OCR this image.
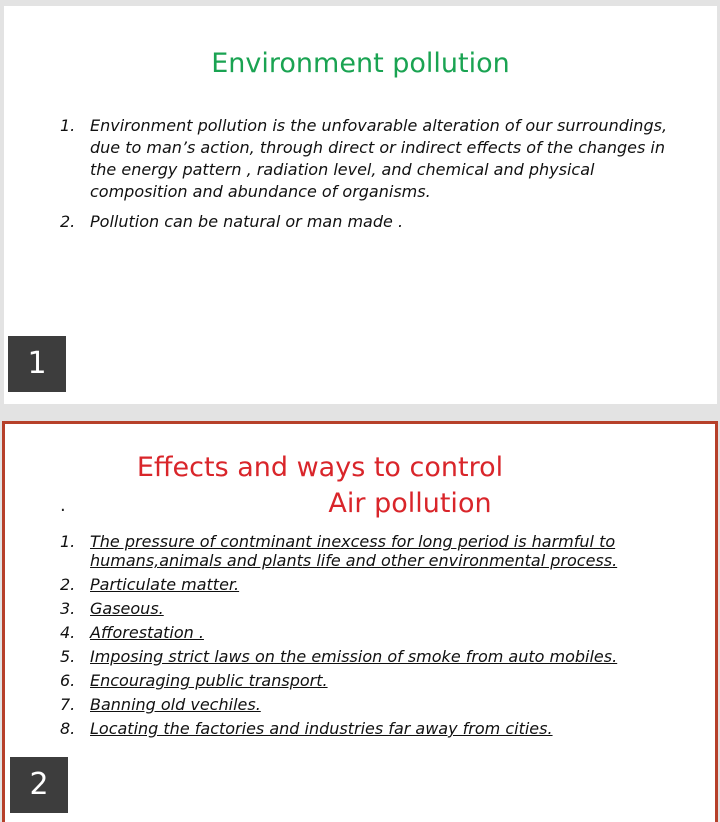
Environment pollution
1. Environment pollution is the unfovarable alteration of our surroundings, due to man’s action, through direct or indirect effects of the changes in the energy pattern , radiation level, and chemical and physical composition and abundance of organisms.
2. Pollution can be natural or man made .
Effects and ways to control
.	Air pollution
1. The pressure of contminant inexcess for long period is harmful to humans,animals and plants life and other environmental process.
2. Particulate matter.
3. Gaseous.
4. Afforestation .
5. Imposing strict laws on the emission of smoke from auto mobiles.
6. Encouraging public transport.
7. Banning old vechiles.
8. Locating the factories and industries far away from cities.
1
2
